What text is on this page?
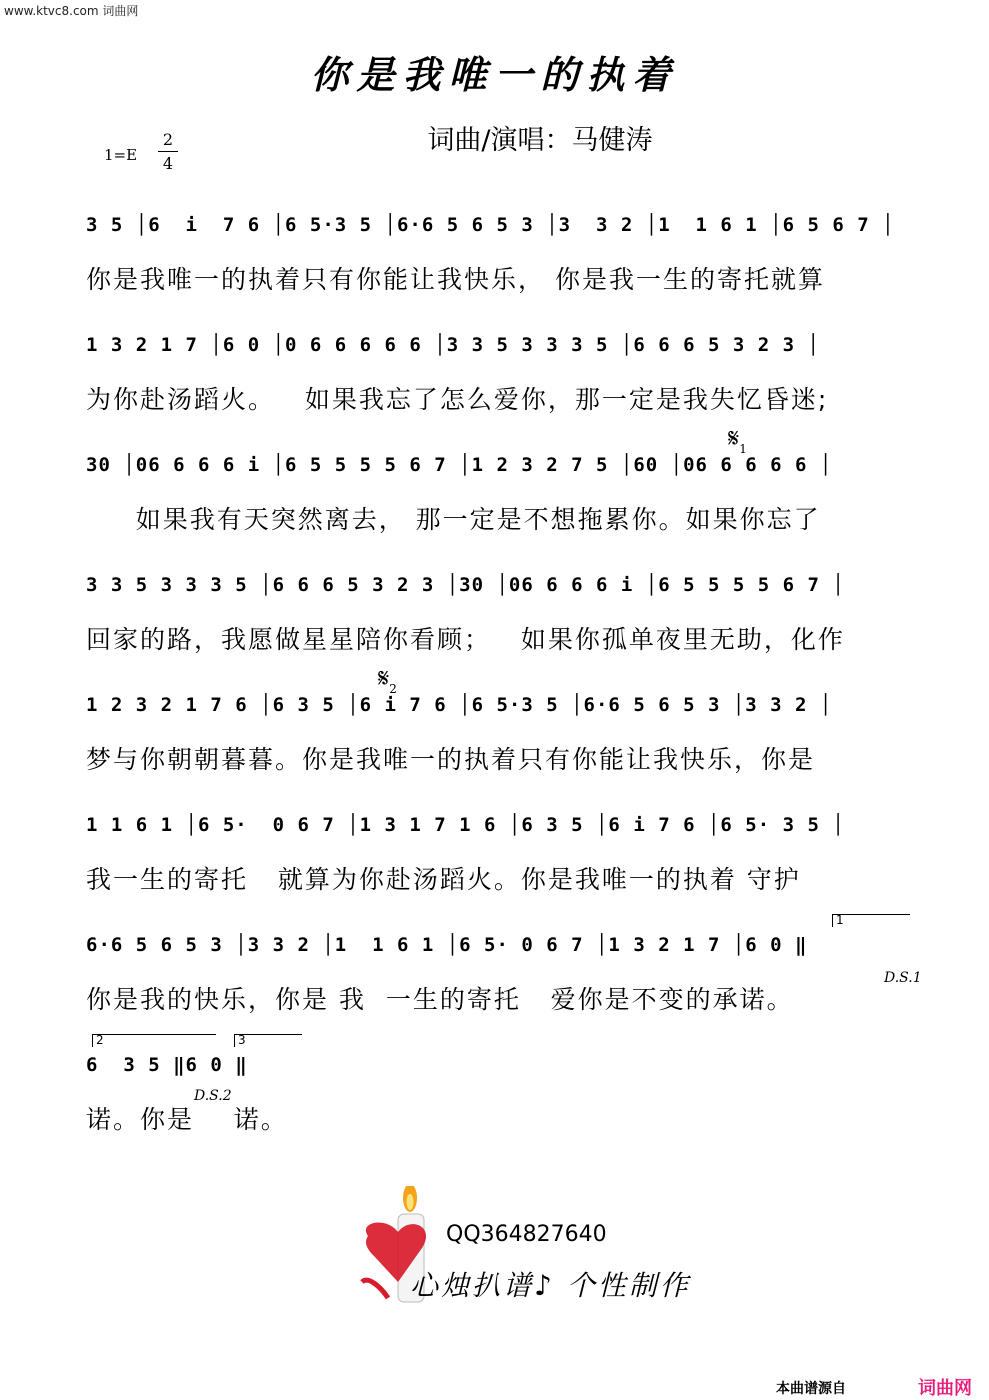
www.ktvc8.com 词曲网
你是我唯一的执着
词曲/演唱：马健涛
1=E
2
4
3 5 │6  i  7 6 │6 5·3 5 │6·6 5 6 5 3 │3  3 2 │1  1 6 1 │6 5 6 7 │
你是我唯一的执着只有你能让我快乐， 你是我一生的寄托就算
1 3 2 1 7 │6 0 │0 6 6 6 6 6 │3 3 5 3 3 3 5 │6 6 6 5 3 2 3 │
为你赴汤蹈火。   如果我忘了怎么爱你，那一定是我失忆昏迷;
$𝄋_1$
30 │06 6 6 6 i │6 5 5 5 5 6 7 │1 2 3 2 7 5 │60 │06 6 6 6 6 │
如果我有天突然离去， 那一定是不想拖累你。如果你忘了
3 3 5 3 3 3 5 │6 6 6 5 3 2 3 │30 │06 6 6 6 i │6 5 5 5 5 6 7 │
回家的路，我愿做星星陪你看顾；   如果你孤单夜里无助，化作
$𝄋_2$
1 2 3 2 1 7 6 │6 3 5 │6 i 7 6 │6 5·3 5 │6·6 5 6 5 3 │3 3 2 │
梦与你朝朝暮暮。你是我唯一的执着只有你能让我快乐，你是
1 1 6 1 │6 5·  0 6 7 │1 3 1 7 1 6 │6 3 5 │6 i 7 6 │6 5· 3 5 │
我一生的寄托   就算为你赴汤蹈火。你是我唯一的执着 守护
1
6·6 5 6 5 3 │3 3 2 │1  1 6 1 │6 5· 0 6 7 │1 3 2 1 7 │6 0 ‖
你是我的快乐，你是 我  一生的寄托   爱你是不变的承诺。
D.S.1
2	3
6  3 5 ‖6 0 ‖
诺。你是    诺。
D.S.2
QQ364827640
心烛扒谱♪ 个性制作
本曲谱源自	词曲网
